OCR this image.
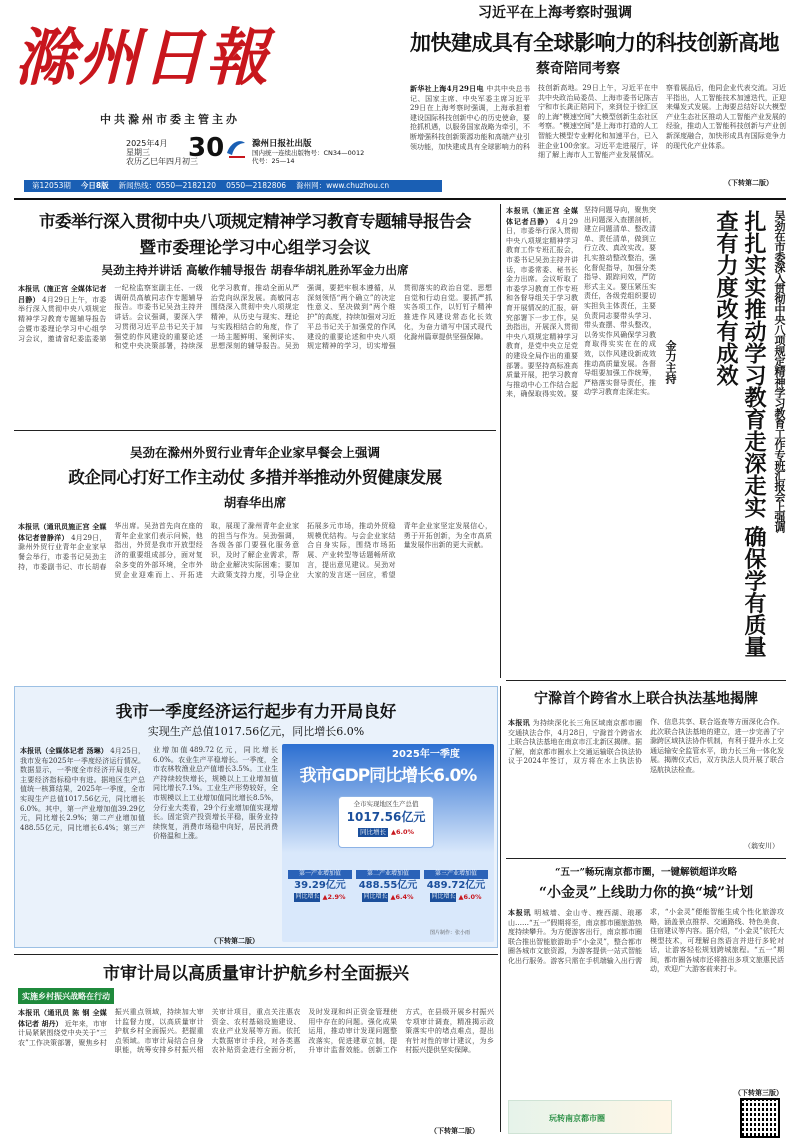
滁州日報
中共滁州市委主管主办
2025年4月
星期三
农历乙巳年四月初三
30	滁州日报社出版
国内统一连续出版物号：CN34—0012
代号：25—14
第12053期 今日8版 新闻热线：0550—2182120 0550—2182806 滁州网：www.chuzhou.cn
习近平在上海考察时强调
加快建成具有全球影响力的科技创新高地
蔡奇陪同考察
新华社上海4月29日电 中共中央总书记、国家主席、中央军委主席习近平29日在上海考察时强调，上海承担着建设国际科技创新中心的历史使命，要抢抓机遇，以服务国家战略为牵引，不断增强科技创新策源功能和高端产业引领功能，加快建成具有全球影响力的科技创新高地。29日上午，习近平在中共中央政治局委员、上海市委书记陈吉宁和市长龚正陪同下，来到位于徐汇区的上海“模速空间”大模型创新生态社区考察。“模速空间”是上海市打造的人工智能大模型专业孵化和加速平台，已入驻企业100余家。习近平走进展厅，详细了解上海市人工智能产业发展情况。察看展品后，他同企业代表交流。习近平指出，人工智能技术加速迭代，正迎来爆发式发展。上海要总结好以大模型产业生态社区推动人工智能产业发展的经验，推动人工智能科技创新与产业创新深度融合，加快形成具有国际竞争力的现代化产业体系。
（下转第二版）
市委举行深入贯彻中央八项规定精神学习教育专题辅导报告会
暨市委理论学习中心组学习会议
吴劲主持并讲话 高敏作辅导报告 胡春华胡礼胜孙军金力出席
本报讯（施正宫 全媒体记者 吕静） 4月29日上午，市委举行深入贯彻中央八项规定精神学习教育专题辅导报告会暨市委理论学习中心组学习会议，邀请省纪委监委第一纪检监察室副主任、一级调研员高敏同志作专题辅导报告。市委书记吴劲主持并讲话。会议强调，要深入学习贯彻习近平总书记关于加强党的作风建设的重要论述和党中央决策部署，持续深化学习教育，推动全面从严治党向纵深发展。高敏同志围绕深入贯彻中央八项规定精神，从历史与现实、理论与实践相结合的角度，作了一场主题鲜明、案例详实、思想深刻的辅导报告。吴劲强调，要把牢根本遵循，从深刻领悟“两个确立”的决定性意义、坚决做到“两个维护”的高度，持续加强对习近平总书记关于加强党的作风建设的重要论述和中央八项规定精神的学习，切实增强贯彻落实的政治自觉、思想自觉和行动自觉。要抓严抓实各项工作，以钉钉子精神推进作风建设常态化长效化，为奋力谱写中国式现代化滁州篇章提供坚强保障。
吴劲在滁州外贸行业青年企业家早餐会上强调
政企同心打好工作主动仗 多措并举推动外贸健康发展
胡春华出席
本报讯（通讯员施正宫 全媒体记者曾静洋） 4月29日，滁州外贸行业青年企业家早餐会举行，市委书记吴劲主持，市委副书记、市长胡春华出席。吴劲首先向在座的青年企业家们表示问候，他指出，外贸是我市开放型经济的重要组成部分，面对复杂多变的外部环境，全市外贸企业迎难而上、开拓进取，展现了滁州青年企业家的担当与作为。吴劲强调，各级各部门要强化服务意识，及时了解企业需求，帮助企业解决实际困难；要加大政策支持力度，引导企业拓展多元市场，推动外贸稳规模优结构。与会企业家结合自身实际，围绕市场拓展、产业转型等话题畅所欲言，提出意见建议。吴劲对大家的发言逐一回应，希望青年企业家坚定发展信心，勇于开拓创新，为全市高质量发展作出新的更大贡献。
本报讯（施正宫 全媒体记者吕静） 4月29日，市委举行深入贯彻中央八项规定精神学习教育工作专班汇报会，市委书记吴劲主持并讲话，市委常委、秘书长金力出席。会议听取了市委学习教育工作专班和各督导组关于学习教育开展情况的汇报，研究部署下一步工作。吴劲指出，开展深入贯彻中央八项规定精神学习教育，是党中央立足党的建设全局作出的重要部署。要坚持高标准高质量开展，把学习教育与推动中心工作结合起来，确保取得实效。要坚持问题导向，聚焦突出问题深入查摆剖析，建立问题清单、整改清单、责任清单，做到立行立改、真改实改。要扎实推动整改整治，强化督促指导，加强分类指导、跟踪问效，严防形式主义。要压紧压实责任，各级党组织要切实担负主体责任，主要负责同志要带头学习、带头查摆、带头整改，以务实作风确保学习教育取得实实在在的成效，以作风建设新成效推动高质量发展。各督导组要加强工作统筹，严格落实督导责任，推动学习教育走深走实。	扎扎实实推动学习教育走深走实 确保学有质量查有力度改有成效	吴劲在市委深入贯彻中央八项规定精神学习教育工作专班汇报会上强调
金力主持
宁滁首个跨省水上联合执法基地揭牌
本报讯 为持续深化长三角区域南京都市圈交通执法合作，4月28日，宁滁首个跨省水上联合执法基地在南京市江北新区揭牌。据了解，南京都市圈水上交通运输联合执法协议于2024年签订，双方将在水上执法协作、信息共享、联合巡查等方面深化合作。此次联合执法基地的建立，进一步完善了宁滁跨区域执法协作机制，有利于提升水上交通运输安全监管水平，助力长三角一体化发展。揭牌仪式后，双方执法人员开展了联合巡航执法检查。
（翁安川）
我市一季度经济运行起步有力开局良好
实现生产总值1017.56亿元，同比增长6.0%
本报讯（全媒体记者 汤琳） 4月25日，我市发布2025年一季度经济运行情况。数据显示，一季度全市经济开局良好，主要经济指标稳中有进。据地区生产总值统一核算结果，2025年一季度，全市实现生产总值1017.56亿元，同比增长6.0%。其中，第一产业增加值39.29亿元，同比增长2.9%；第二产业增加值488.55亿元，同比增长6.4%；第三产业增加值489.72亿元，同比增长6.0%。农业生产平稳增长。一季度，全市农林牧渔业总产值增长3.5%。工业生产持续较快增长，规模以上工业增加值同比增长7.1%。工业生产形势较好，全市规模以上工业增加值同比增长8.5%，分行业大类看，29个行业增加值实现增长。固定资产投资增长平稳，服务业持续恢复，消费市场稳中向好，居民消费价格温和上涨。
（下转第二版）
2025年一季度
我市GDP同比增长6.0%
全市实现地区生产总值
1017.56亿元
同比增长 ▲6.0%
第一产业增加值
39.29亿元
同比增长 ▲2.9%
第二产业增加值
488.55亿元
同比增长 ▲6.4%
第三产业增加值
489.72亿元
同比增长 ▲6.0%
图片制作：张小雨
市审计局以高质量审计护航乡村全面振兴
实施乡村振兴战略在行动
本报讯（通讯员 陈 钢 全媒体记者 胡丹） 近年来，市审计局紧紧围绕党中央关于“三农”工作决策部署，聚焦乡村振兴重点领域，持续加大审计监督力度，以高质量审计护航乡村全面振兴。把握重点领域。市审计局结合自身职能，统筹安排乡村振兴相关审计项目，重点关注惠农资金、农村基础设施建设、农业产业发展等方面。依托大数据审计手段，对各类惠农补贴资金进行全面分析，及时发现和纠正资金管理使用中存在的问题。强化成果运用，推动审计发现问题整改落实，促进建章立制，提升审计监督效能。创新工作方式，在县级开展乡村振兴专项审计调查，精准揭示政策落实中的堵点难点，提出有针对性的审计建议，为乡村振兴提供坚实保障。
（下转第二版）
“五一”畅玩南京都市圈，一键解锁超详攻略
“小金灵”上线助力你的换“城”计划
本报讯 明城墙、金山寺、瘦西湖、琅琊山……“五一”假期将至，南京都市圈旅游热度持续攀升。为方便游客出行，南京都市圈联合推出智能旅游助手“小金灵”，整合都市圈各城市文旅资源，为游客提供一站式智能化出行服务。游客只需在手机端输入出行需求，“小金灵”便能智能生成个性化旅游攻略，涵盖景点推荐、交通路线、特色美食、住宿建议等内容。据介绍，“小金灵”依托大模型技术，可理解自然语言并进行多轮对话，让游客轻松规划跨城旅程。“五一”期间，都市圈各城市还将推出多项文旅惠民活动，欢迎广大游客前来打卡。
（下转第三版）
玩转南京都市圈
